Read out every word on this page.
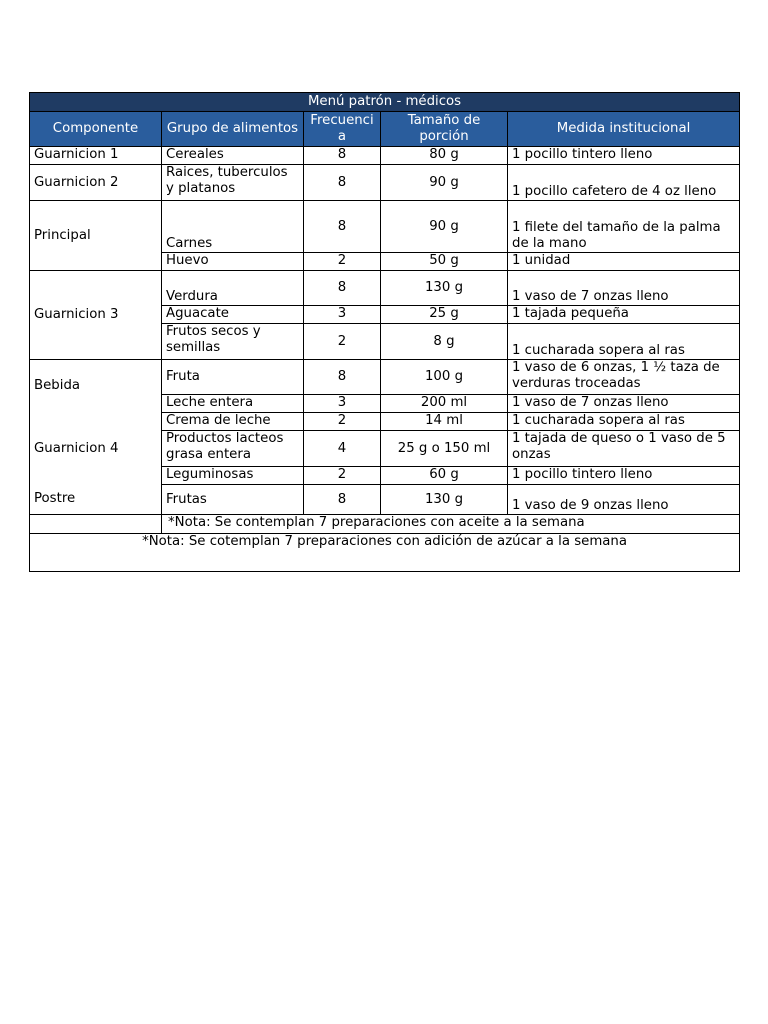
Menú patrón - médicos				
Componente	Grupo de alimentos	Frecuenci a	Tamaño de porción	Medida institucional
Guarnicion 1	Cereales	8	80 g	1 pocillo tintero lleno
Guarnicion 2	Raices, tuberculos y platanos	8	90 g	1 pocillo cafetero de 4 oz lleno
Principal	Carnes	8	90 g	1 filete del tamaño de la palma de la mano
	Huevo	2	50 g	1 unidad
Guarnicion 3	Verdura	8	130 g	1 vaso de 7 onzas lleno
	Aguacate	3	25 g	1 tajada pequeña
	Frutos secos y semillas	2	8 g	1 cucharada sopera al ras
Bebida	Fruta	8	100 g	1 vaso de 6 onzas, 1 ½ taza de verduras troceadas
	Leche entera	3	200 ml	1 vaso de 7 onzas lleno
Guarnicion 4	Crema de leche	2	14 ml	1 cucharada sopera al ras
	Productos lacteos grasa entera	4	25 g o 150 ml	1 tajada de queso o 1 vaso de 5 onzas
	Leguminosas	2	60 g	1 pocillo tintero lleno
Postre	Frutas	8	130 g	1 vaso de 9 onzas lleno
	*Nota: Se contemplan 7 preparaciones con aceite a la semana			
*Nota: Se cotemplan 7 preparaciones con adición de azúcar a la semana				
